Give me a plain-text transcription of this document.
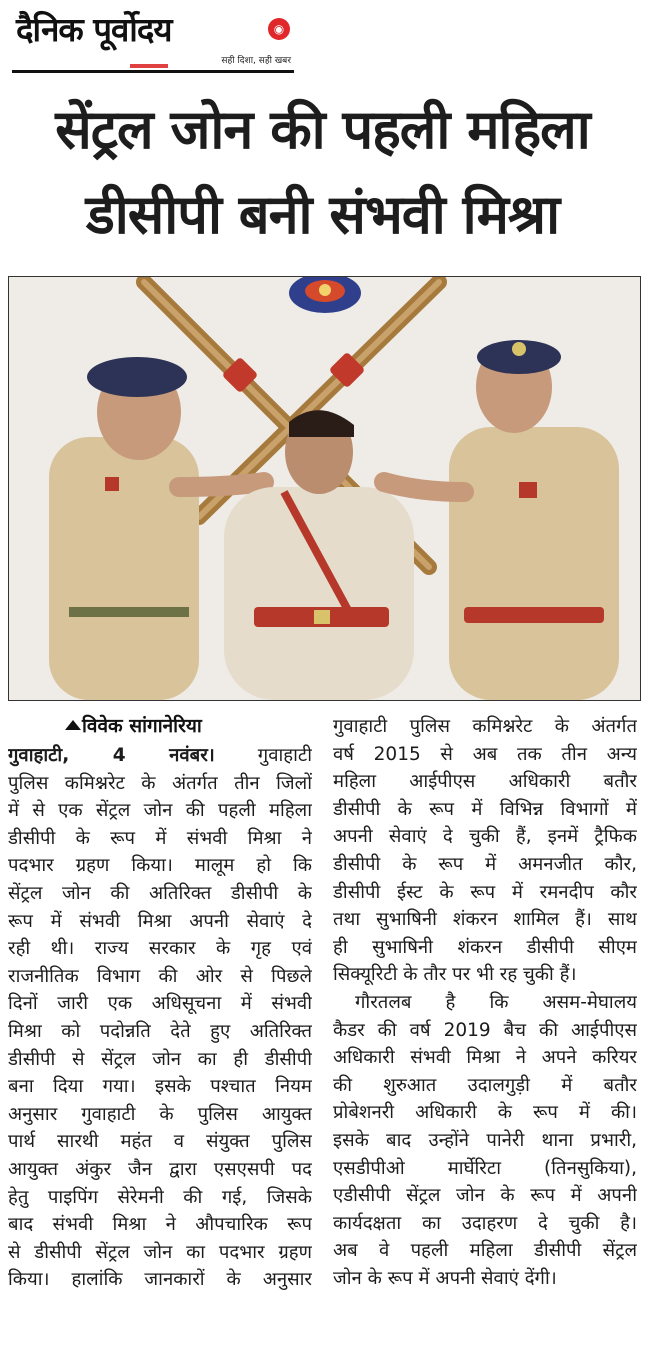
दैनिक पूर्वोदय	◉
सही दिशा, सही खबर
सेंट्रल जोन की पहली महिला
डीसीपी बनी संभवी मिश्रा
विवेक सांगानेरिया
गुवाहाटी, 4 नवंबर। गुवाहाटी
पुलिस कमिश्नरेट के अंतर्गत तीन जिलों
में से एक सेंट्रल जोन की पहली महिला
डीसीपी के रूप में संभवी मिश्रा ने
पदभार ग्रहण किया। मालूम हो कि
सेंट्रल जोन की अतिरिक्त डीसीपी के
रूप में संभवी मिश्रा अपनी सेवाएं दे
रही थी। राज्य सरकार के गृह एवं
राजनीतिक विभाग की ओर से पिछले
दिनों जारी एक अधिसूचना में संभवी
मिश्रा को पदोन्नति देते हुए अतिरिक्त
डीसीपी से सेंट्रल जोन का ही डीसीपी
बना दिया गया। इसके पश्चात नियम
अनुसार गुवाहाटी के पुलिस आयुक्त
पार्थ सारथी महंत व संयुक्त पुलिस
आयुक्त अंकुर जैन द्वारा एसएसपी पद
हेतु पाइपिंग सेरेमनी की गई, जिसके
बाद संभवी मिश्रा ने औपचारिक रूप
से डीसीपी सेंट्रल जोन का पदभार ग्रहण
किया। हालांकि जानकारों के अनुसार
गुवाहाटी पुलिस कमिश्नरेट के अंतर्गत
वर्ष 2015 से अब तक तीन अन्य
महिला आईपीएस अधिकारी बतौर
डीसीपी के रूप में विभिन्न विभागों में
अपनी सेवाएं दे चुकी हैं, इनमें ट्रैफिक
डीसीपी के रूप में अमनजीत कौर,
डीसीपी ईस्ट के रूप में रमनदीप कौर
तथा सुभाषिनी शंकरन शामिल हैं। साथ
ही सुभाषिनी शंकरन डीसीपी सीएम
सिक्यूरिटी के तौर पर भी रह चुकी हैं।
गौरतलब है कि असम-मेघालय
कैडर की वर्ष 2019 बैच की आईपीएस
अधिकारी संभवी मिश्रा ने अपने करियर
की शुरुआत उदालगुड़ी में बतौर
प्रोबेशनरी अधिकारी के रूप में की।
इसके बाद उन्होंने पानेरी थाना प्रभारी,
एसडीपीओ मार्घेरिटा (तिनसुकिया),
एडीसीपी सेंट्रल जोन के रूप में अपनी
कार्यदक्षता का उदाहरण दे चुकी है।
अब वे पहली महिला डीसीपी सेंट्रल
जोन के रूप में अपनी सेवाएं देंगी।
